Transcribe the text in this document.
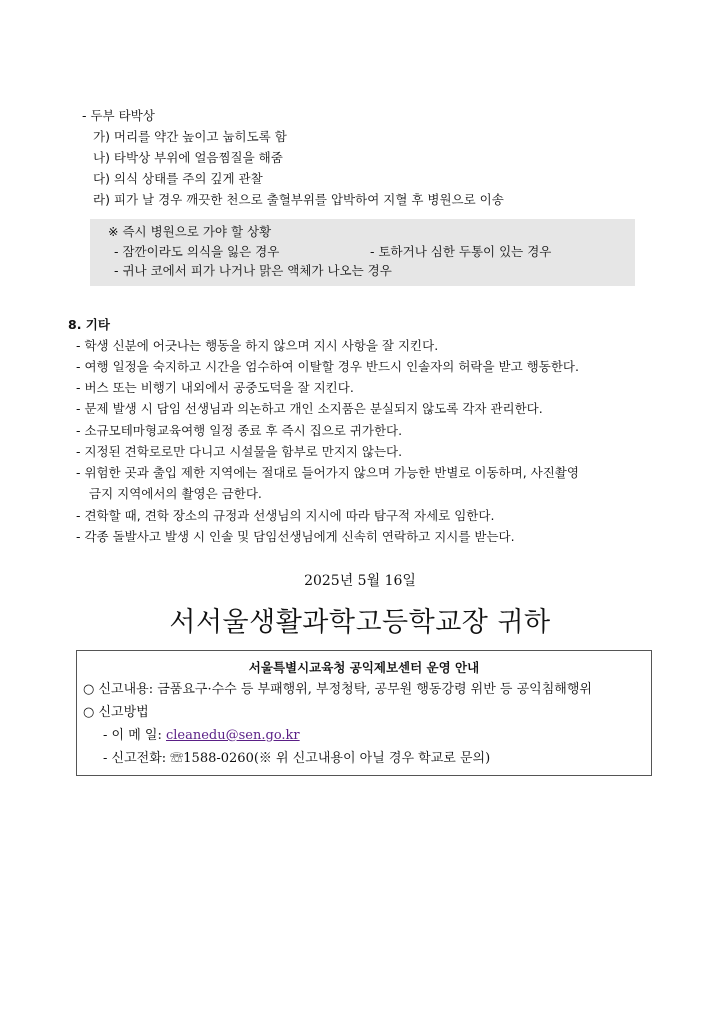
- 두부 타박상
가) 머리를 약간 높이고 눕히도록 함
나) 타박상 부위에 얼음찜질을 해줌
다) 의식 상태를 주의 깊게 관찰
라) 피가 날 경우 깨끗한 천으로 출혈부위를 압박하여 지혈 후 병원으로 이송
※ 즉시 병원으로 가야 할 상황
- 잠깐이라도 의식을 잃은 경우	- 토하거나 심한 두통이 있는 경우
- 귀나 코에서 피가 나거나 맑은 액체가 나오는 경우
8. 기타
- 학생 신분에 어긋나는 행동을 하지 않으며 지시 사항을 잘 지킨다.
- 여행 일정을 숙지하고 시간을 엄수하여 이탈할 경우 반드시 인솔자의 허락을 받고 행동한다.
- 버스 또는 비행기 내외에서 공중도덕을 잘 지킨다.
- 문제 발생 시 담임 선생님과 의논하고 개인 소지품은 분실되지 않도록 각자 관리한다.
- 소규모테마형교육여행 일정 종료 후 즉시 집으로 귀가한다.
- 지정된 견학로로만 다니고 시설물을 함부로 만지지 않는다.
- 위험한 곳과 출입 제한 지역에는 절대로 들어가지 않으며 가능한 반별로 이동하며, 사진촬영
금지 지역에서의 촬영은 금한다.
- 견학할 때, 견학 장소의 규정과 선생님의 지시에 따라 탐구적 자세로 임한다.
- 각종 돌발사고 발생 시 인솔 및 담임선생님에게 신속히 연락하고 지시를 받는다.
2025년 5월 16일
서서울생활과학고등학교장 귀하
서울특별시교육청 공익제보센터 운영 안내
○ 신고내용: 금품요구·수수 등 부패행위, 부정청탁, 공무원 행동강령 위반 등 공익침해행위
○ 신고방법
- 이 메 일: cleanedu@sen.go.kr
- 신고전화: ☏1588-0260(※ 위 신고내용이 아닐 경우 학교로 문의)
